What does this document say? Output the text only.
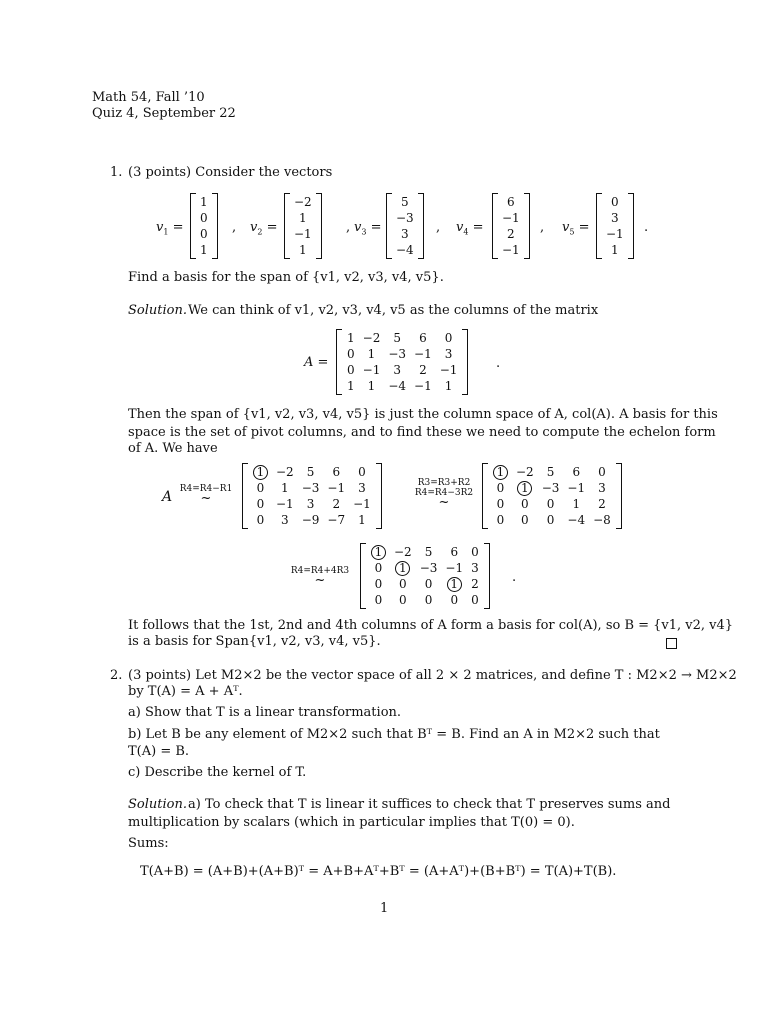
Math 54, Fall ’10
Quiz 4, September 22
1. (3 points) Consider the vectors
$v_1$ =
1
0
0
1
, $v_2$ =
−2
1
−1
1
, $v_3$ =
5
−3
3
−4
, $v_4$ =
6
−1
2
−1
, $v_5$ =
0
3
−1
1
.
Find a basis for the span of {v1, v2, v3, v4, v5}.
Solution. We can think of v1, v2, v3, v4, v5 as the columns of the matrix
A =
1	−2	5	6	0
0	1	−3	−1	3
0	−1	3	2	−1
1	1	−4	−1	1
.
Then the span of {v1, v2, v3, v4, v5} is just the column space of A, col(A). A basis for this
space is the set of pivot columns, and to find these we need to compute the echelon form
of A. We have
A R4=R4−R1
~
1	−2	5	6	0
0	1	−3	−1	3
0	−1	3	2	−1
0	3	−9	−7	1
R3=R3+R2
R4=R4−3R2
~
1	−2	5	6	0
0	1	−3	−1	3
0	0	0	1	2
0	0	0	−4	−8
R4=R4+4R3
~
1	−2	5	6	0
0	1	−3	−1	3
0	0	0	1	2
0	0	0	0	0
.
It follows that the 1st, 2nd and 4th columns of A form a basis for col(A), so B = {v1, v2, v4}
is a basis for Span{v1, v2, v3, v4, v5}.
2. (3 points) Let M2×2 be the vector space of all 2 × 2 matrices, and define T : M2×2 → M2×2
by T(A) = A + Aᵀ.
a) Show that T is a linear transformation.
b) Let B be any element of M2×2 such that Bᵀ = B. Find an A in M2×2 such that
T(A) = B.
c) Describe the kernel of T.
Solution. a) To check that T is linear it suffices to check that T preserves sums and
multiplication by scalars (which in particular implies that T(0) = 0).
Sums:
T(A+B) = (A+B)+(A+B)ᵀ = A+B+Aᵀ+Bᵀ = (A+Aᵀ)+(B+Bᵀ) = T(A)+T(B).
1
